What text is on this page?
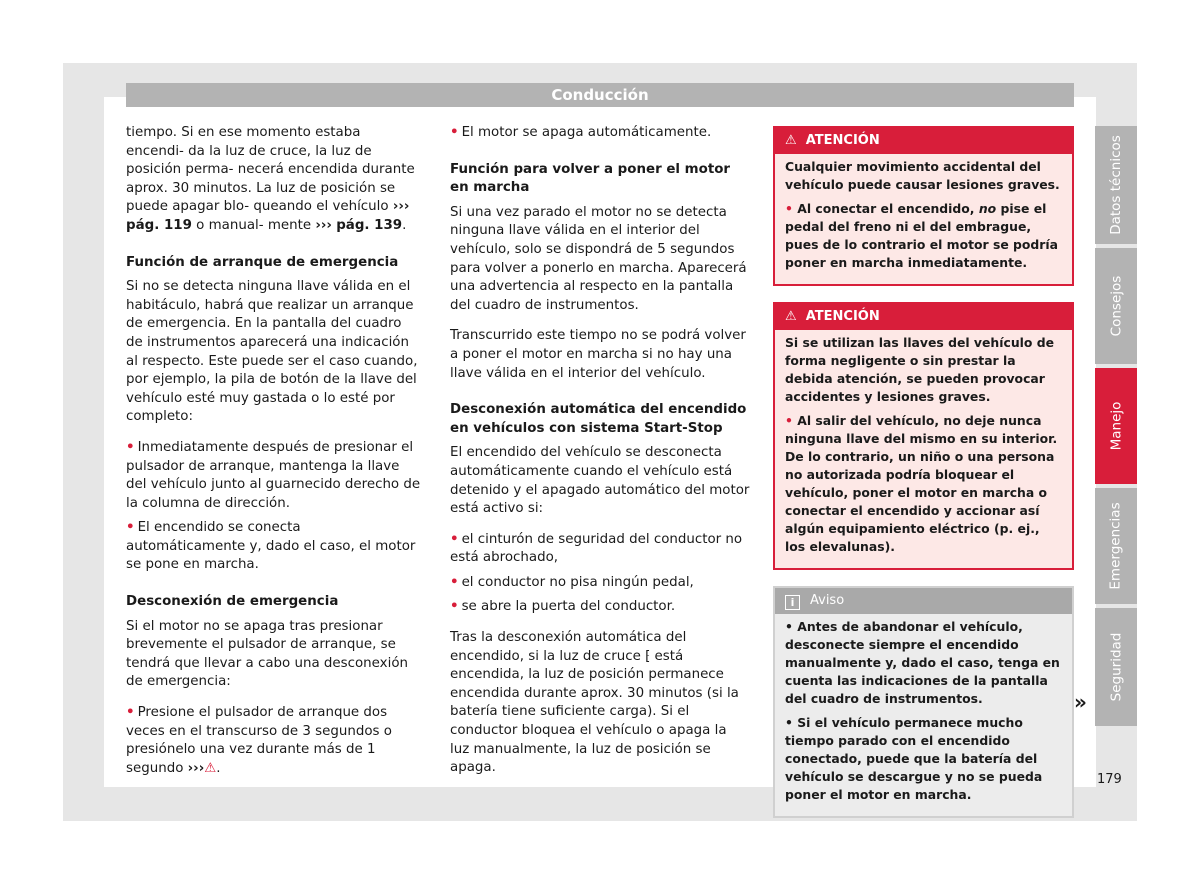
Conducción

tiempo. Si en ese momento estaba encendi- da la luz de cruce, la luz de posición perma- necerá encendida durante aprox. 30 minutos. La luz de posición se puede apagar blo- queando el vehículo ››› pág. 119 o manual- mente ››› pág. 139.

Función de arranque de emergencia

Si no se detecta ninguna llave válida en el habitáculo, habrá que realizar un arranque de emergencia. En la pantalla del cuadro de instrumentos aparecerá una indicación al respecto. Este puede ser el caso cuando, por ejemplo, la pila de botón de la llave del vehículo esté muy gastada o lo esté por completo:

• Inmediatamente después de presionar el pulsador de arranque, mantenga la llave del vehículo junto al guarnecido derecho de la columna de dirección.
• El encendido se conecta automáticamente y, dado el caso, el motor se pone en marcha.
Desconexión de emergencia

Si el motor no se apaga tras presionar brevemente el pulsador de arranque, se tendrá que llevar a cabo una desconexión de emergencia:

• Presione el pulsador de arranque dos veces en el transcurso de 3 segundos o presiónelo una vez durante más de 1 segundo ›››⚠.
• El motor se apaga automáticamente.
Función para volver a poner el motor en marcha

Si una vez parado el motor no se detecta ninguna llave válida en el interior del vehículo, solo se dispondrá de 5 segundos para volver a ponerlo en marcha. Aparecerá una advertencia al respecto en la pantalla del cuadro de instrumentos.

Transcurrido este tiempo no se podrá volver a poner el motor en marcha si no hay una llave válida en el interior del vehículo.

Desconexión automática del encendido en vehículos con sistema Start-Stop

El encendido del vehículo se desconecta automáticamente cuando el vehículo está detenido y el apagado automático del motor está activo si:

• el cinturón de seguridad del conductor no está abrochado,
• el conductor no pisa ningún pedal,
• se abre la puerta del conductor.

Tras la desconexión automática del encendido, si la luz de cruce ⁅ está encendida, la luz de posición permanece encendida durante aprox. 30 minutos (si la batería tiene suficiente carga). Si el conductor bloquea el vehículo o apaga la luz manualmente, la luz de posición se apaga.

⚠ ATENCIÓN

Cualquier movimiento accidental del vehículo puede causar lesiones graves.

• Al conectar el encendido, no pise el pedal del freno ni el del embrague, pues de lo contrario el motor se podría poner en marcha inmediatamente.

⚠ ATENCIÓN

Si se utilizan las llaves del vehículo de forma negligente o sin prestar la debida atención, se pueden provocar accidentes y lesiones graves.

• Al salir del vehículo, no deje nunca ninguna llave del mismo en su interior. De lo contrario, un niño o una persona no autorizada podría bloquear el vehículo, poner el motor en marcha o conectar el encendido y accionar así algún equipamiento eléctrico (p. ej., los elevalunas).

i Aviso

• Antes de abandonar el vehículo, desconecte siempre el encendido manualmente y, dado el caso, tenga en cuenta las indicaciones de la pantalla del cuadro de instrumentos.

• Si el vehículo permanece mucho tiempo parado con el encendido conectado, puede que la batería del vehículo se descargue y no se pueda poner el motor en marcha.

»
Datos técnicos
Consejos
Manejo
Emergencias
Seguridad
179
